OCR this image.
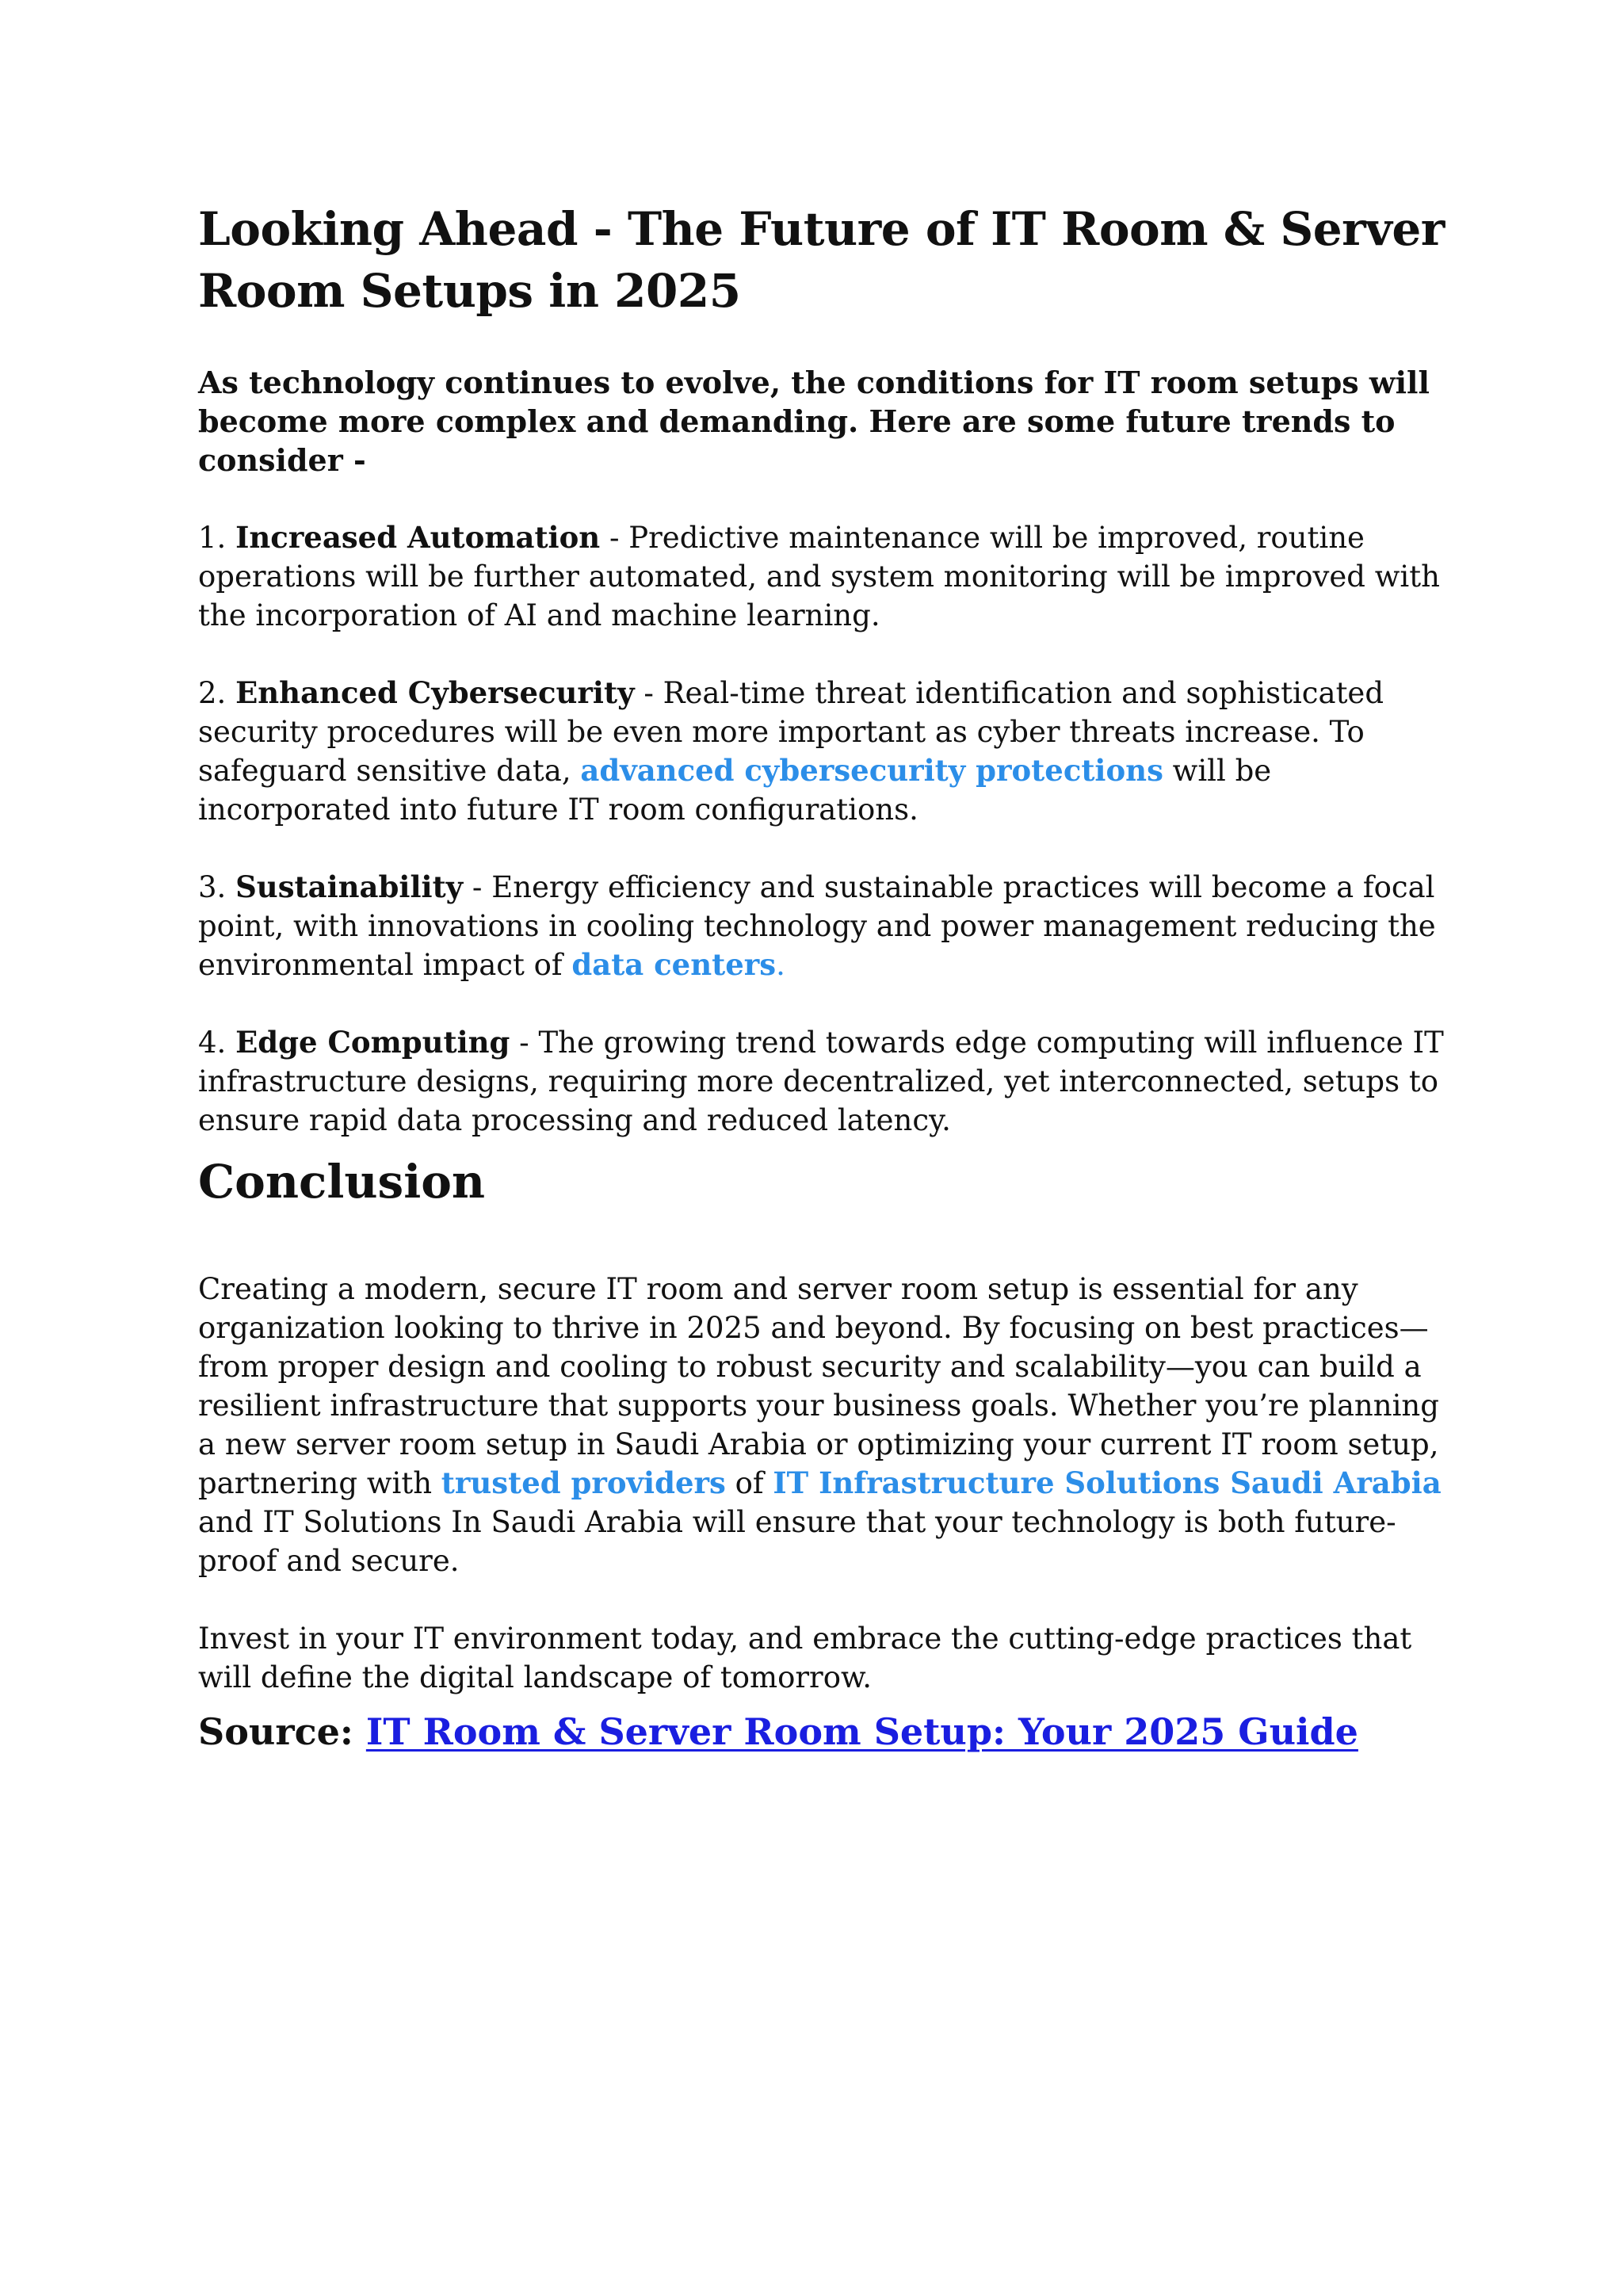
Looking Ahead - The Future of IT Room & Server Room Setups in 2025

As technology continues to evolve, the conditions for IT room setups will become more complex and demanding. Here are some future trends to consider -

1. Increased Automation - Predictive maintenance will be improved, routine operations will be further automated, and system monitoring will be improved with the incorporation of AI and machine learning.

2. Enhanced Cybersecurity - Real-time threat identification and sophisticated security procedures will be even more important as cyber threats increase. To safeguard sensitive data, advanced cybersecurity protections will be incorporated into future IT room configurations.

3. Sustainability - Energy efficiency and sustainable practices will become a focal point, with innovations in cooling technology and power management reducing the environmental impact of data centers.

4. Edge Computing - The growing trend towards edge computing will influence IT infrastructure designs, requiring more decentralized, yet interconnected, setups to ensure rapid data processing and reduced latency.

Conclusion

Creating a modern, secure IT room and server room setup is essential for any organization looking to thrive in 2025 and beyond. By focusing on best practices—from proper design and cooling to robust security and scalability—you can build a resilient infrastructure that supports your business goals. Whether you’re planning a new server room setup in Saudi Arabia or optimizing your current IT room setup, partnering with trusted providers of IT Infrastructure Solutions Saudi Arabia and IT Solutions In Saudi Arabia will ensure that your technology is both future-proof and secure.

Invest in your IT environment today, and embrace the cutting-edge practices that will define the digital landscape of tomorrow.

Source: IT Room & Server Room Setup: Your 2025 Guide
